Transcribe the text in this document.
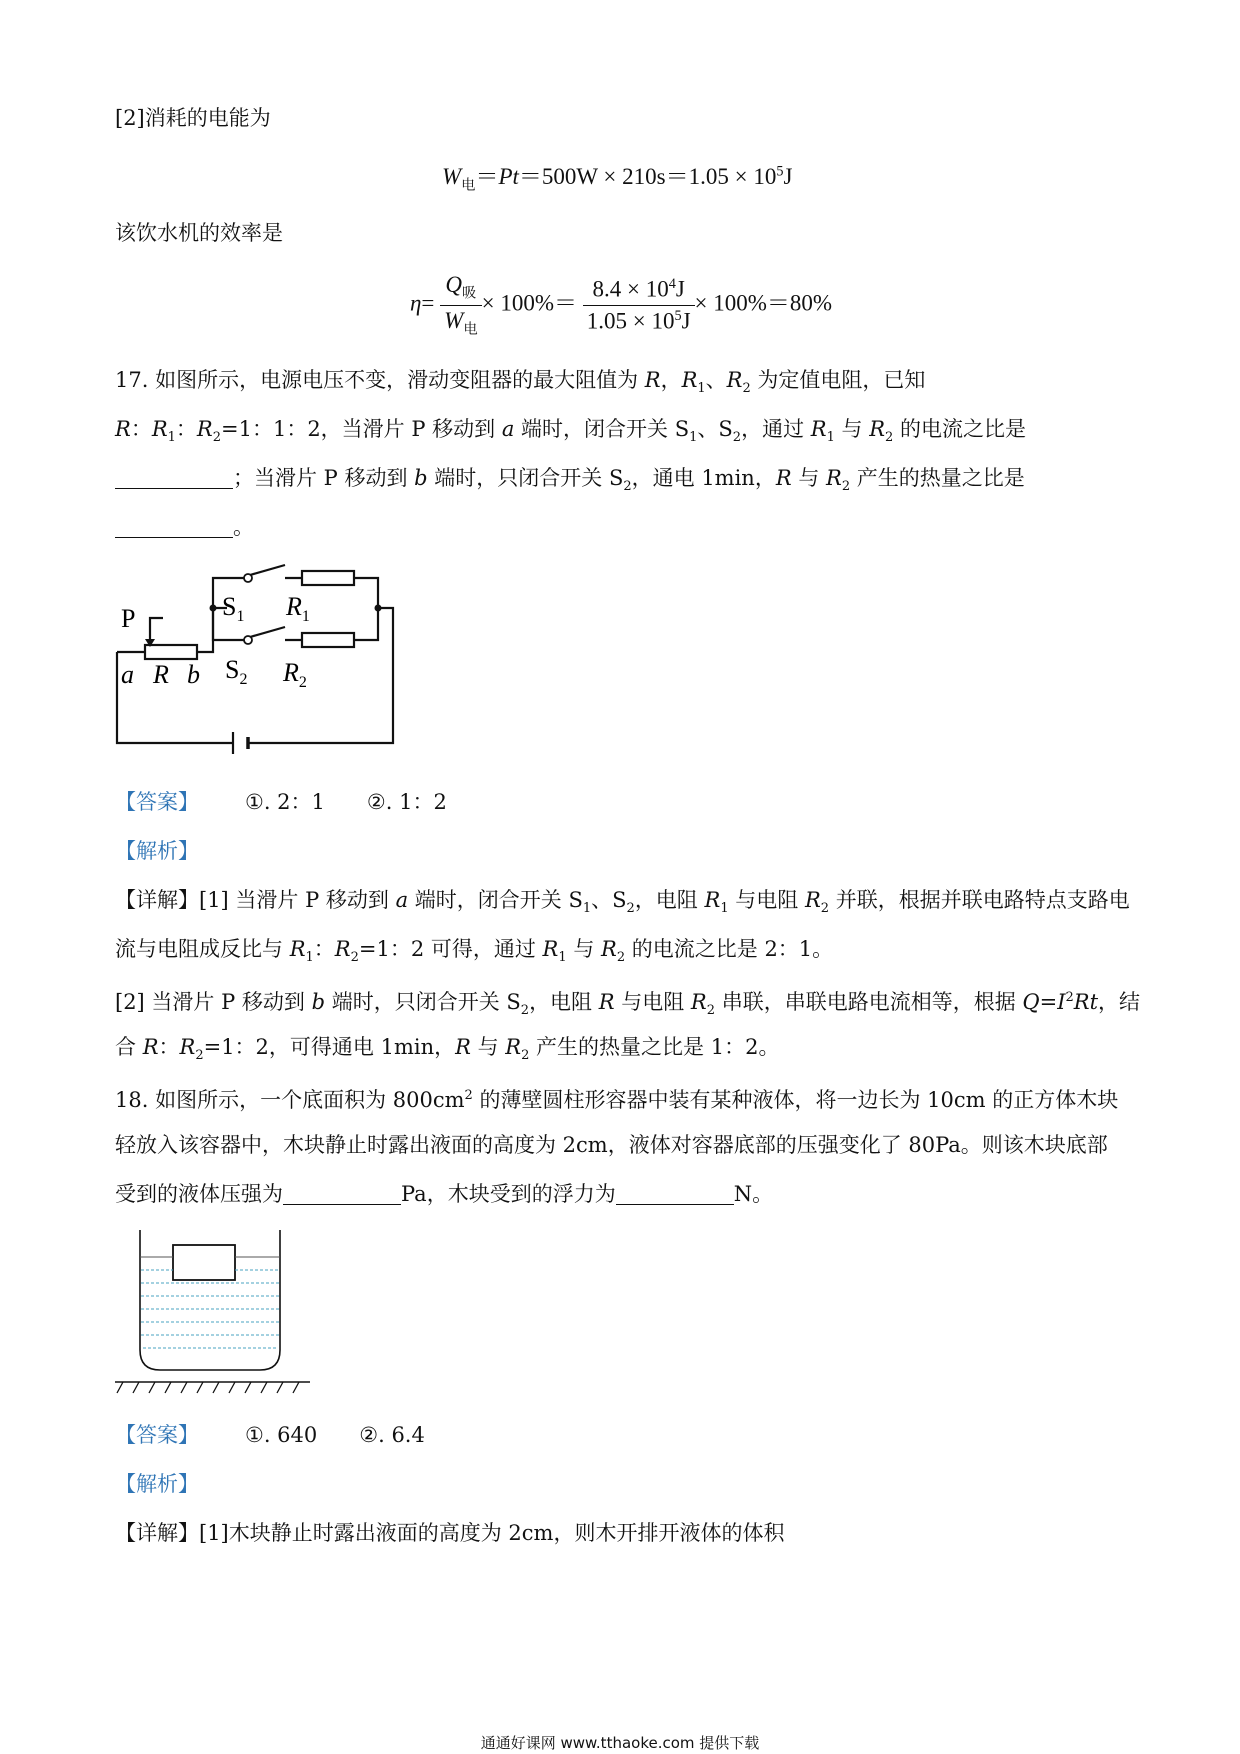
[2]消耗的电能为
$W_电=Pt=500W \times 210s=1.05 \times 10^5J$
该饮水机的效率是
$\eta= \frac{Q_吸}{W_电} \times 100\%= \frac{8.4 \times 10^4J}{1.05 \times 10^5J} \times 100\%=80\%$
17. 如图所示，电源电压不变，滑动变阻器的最大阻值为 R，$R_1$、$R_2$ 为定值电阻，已知
R：$R_1$：$R_2=1$：1：2，当滑片 P 移动到 a 端时，闭合开关 $S_1$、$S_2$，通过 $R_1$ 与 $R_2$ 的电流之比是
；当滑片 P 移动到 b 端时，只闭合开关 $S_2$，通电 1min，R 与 $R_2$ 产生的热量之比是
。
P
a R b
$S_1$ $R_1$
$S_2$ $R_2$
【答案】 ①. 2：1 ②. 1：2
【解析】
【详解】[1] 当滑片 P 移动到 a 端时，闭合开关 $S_1$、$S_2$，电阻 $R_1$ 与电阻 $R_2$ 并联，根据并联电路特点支路电
流与电阻成反比与 $R_1$：$R_2=1$：2 可得，通过 $R_1$ 与 $R_2$ 的电流之比是 2：1。
[2] 当滑片 P 移动到 b 端时，只闭合开关 $S_2$，电阻 R 与电阻 $R_2$ 串联，串联电路电流相等，根据 $Q=I^2Rt$，结
合 R：$R_2=1$：2，可得通电 1min，R 与 $R_2$ 产生的热量之比是 1：2。
18. 如图所示，一个底面积为 $800cm^2$ 的薄壁圆柱形容器中装有某种液体，将一边长为 10cm 的正方体木块
轻放入该容器中，木块静止时露出液面的高度为 2cm，液体对容器底部的压强变化了 80Pa。则该木块底部
受到的液体压强为	Pa，木块受到的浮力为	N。
【答案】 ①. 640 ②. 6.4
【解析】
【详解】[1]木块静止时露出液面的高度为 2cm，则木开排开液体的体积
通通好课网 www.tthaoke.com 提供下载
